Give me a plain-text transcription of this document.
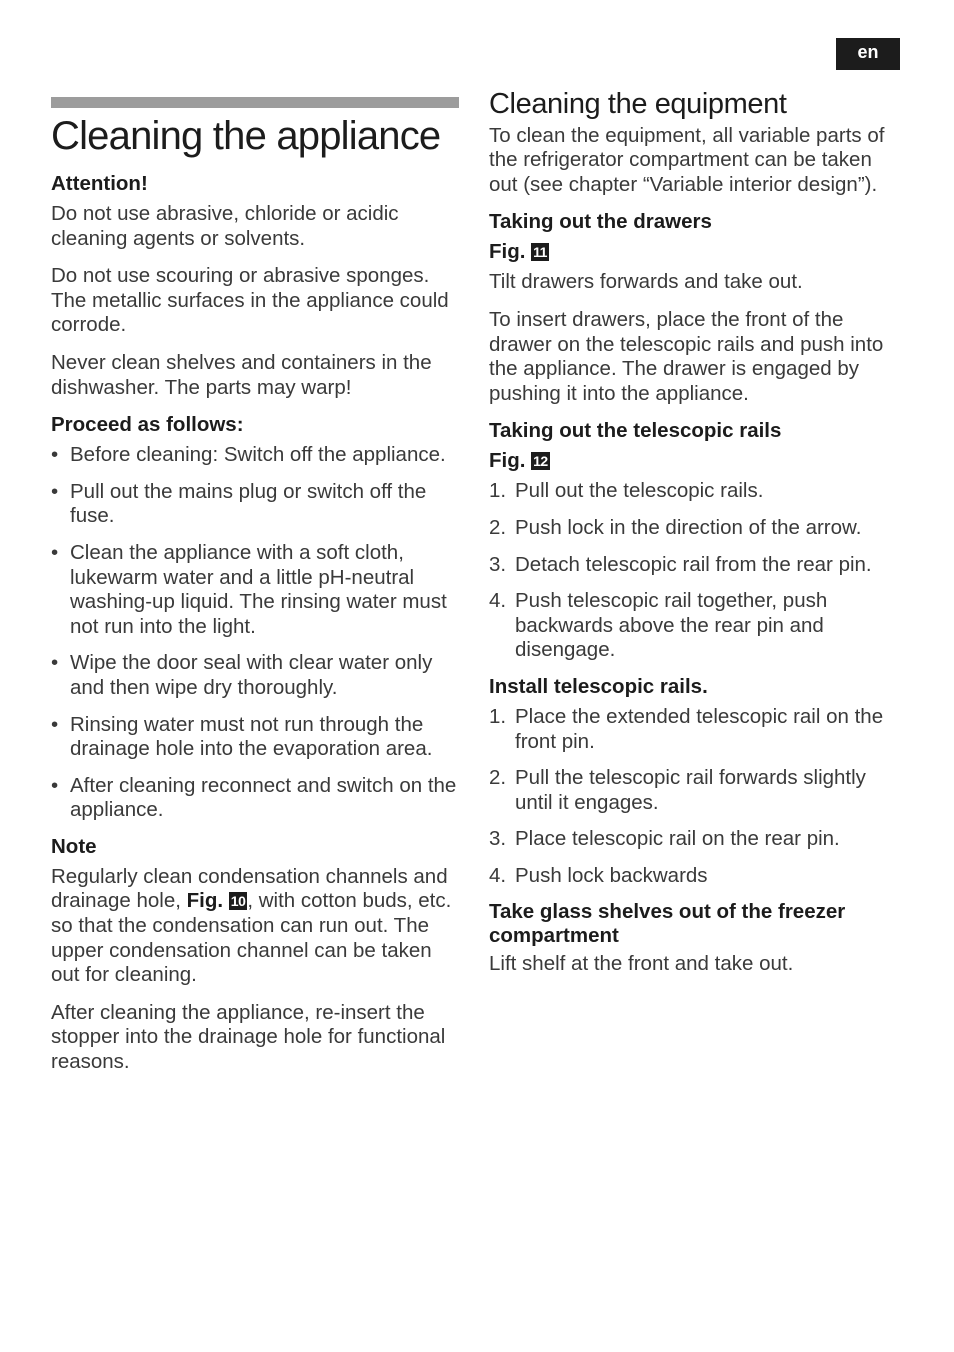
en
Cleaning the appliance

Attention!

Do not use abrasive, chloride or acidic cleaning agents or solvents.

Do not use scouring or abrasive sponges. The metallic surfaces in the appliance could corrode.

Never clean shelves and containers in the dishwasher. The parts may warp!

Proceed as follows:

• Before cleaning: Switch off the appliance.
• Pull out the mains plug or switch off the fuse.
• Clean the appliance with a soft cloth, lukewarm water and a little pH-neutral washing-up liquid. The rinsing water must not run into the light.
• Wipe the door seal with clear water only and then wipe dry thoroughly.
• Rinsing water must not run through the drainage hole into the evaporation area.
• After cleaning reconnect and switch on the appliance.

Note

Regularly clean condensation channels and drainage hole, Fig. 10, with cotton buds, etc. so that the condensation can run out. The upper condensation channel can be taken out for cleaning.

After cleaning the appliance, re-insert the stopper into the drainage hole for functional reasons.

Cleaning the equipment

To clean the equipment, all variable parts of the refrigerator compartment can be taken out (see chapter “Variable interior design”).

Taking out the drawers

Fig. 11

Tilt drawers forwards and take out.

To insert drawers, place the front of the drawer on the telescopic rails and push into the appliance. The drawer is engaged by pushing it into the appliance.

Taking out the telescopic rails

Fig. 12

1. Pull out the telescopic rails.
2. Push lock in the direction of the arrow.
3. Detach telescopic rail from the rear pin.
4. Push telescopic rail together, push backwards above the rear pin and disengage.

Install telescopic rails.

1. Place the extended telescopic rail on the front pin.
2. Pull the telescopic rail forwards slightly until it engages.
3. Place telescopic rail on the rear pin.
4. Push lock backwards

Take glass shelves out of the freezer compartment

Lift shelf at the front and take out.
